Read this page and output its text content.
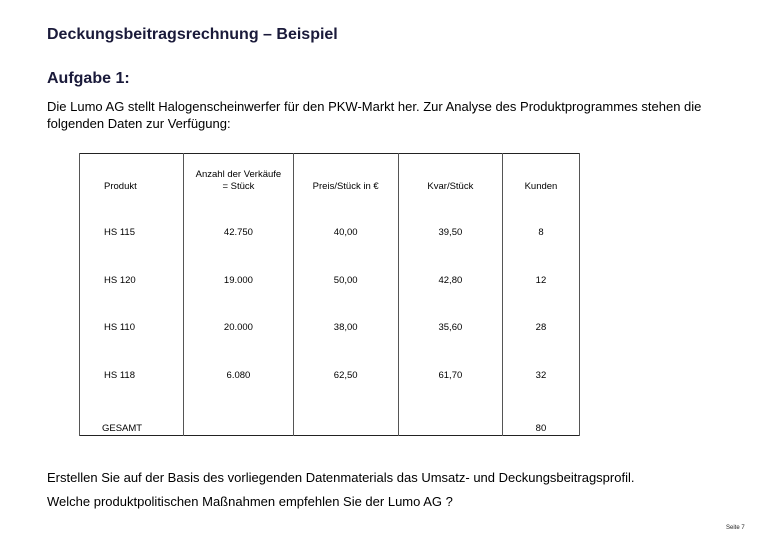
Deckungsbeitragsrechnung – Beispiel
Aufgabe 1:
Die Lumo AG stellt Halogenscheinwerfer für den PKW-Markt her. Zur Analyse des Produktprogrammes stehen die folgenden Daten zur Verfügung:
Produkt	Anzahl der Verkäufe = Stück	Preis/Stück in €	Kvar/Stück	Kunden
HS 115	42.750	40,00	39,50	8
HS 120	19.000	50,00	42,80	12
HS 110	20.000	38,00	35,60	28
HS 118	6.080	62,50	61,70	32
GESAMT				80
Erstellen Sie auf der Basis des vorliegenden Datenmaterials das Umsatz- und Deckungsbeitragsprofil.
Welche produktpolitischen Maßnahmen empfehlen Sie der Lumo AG ?
Seite 7
